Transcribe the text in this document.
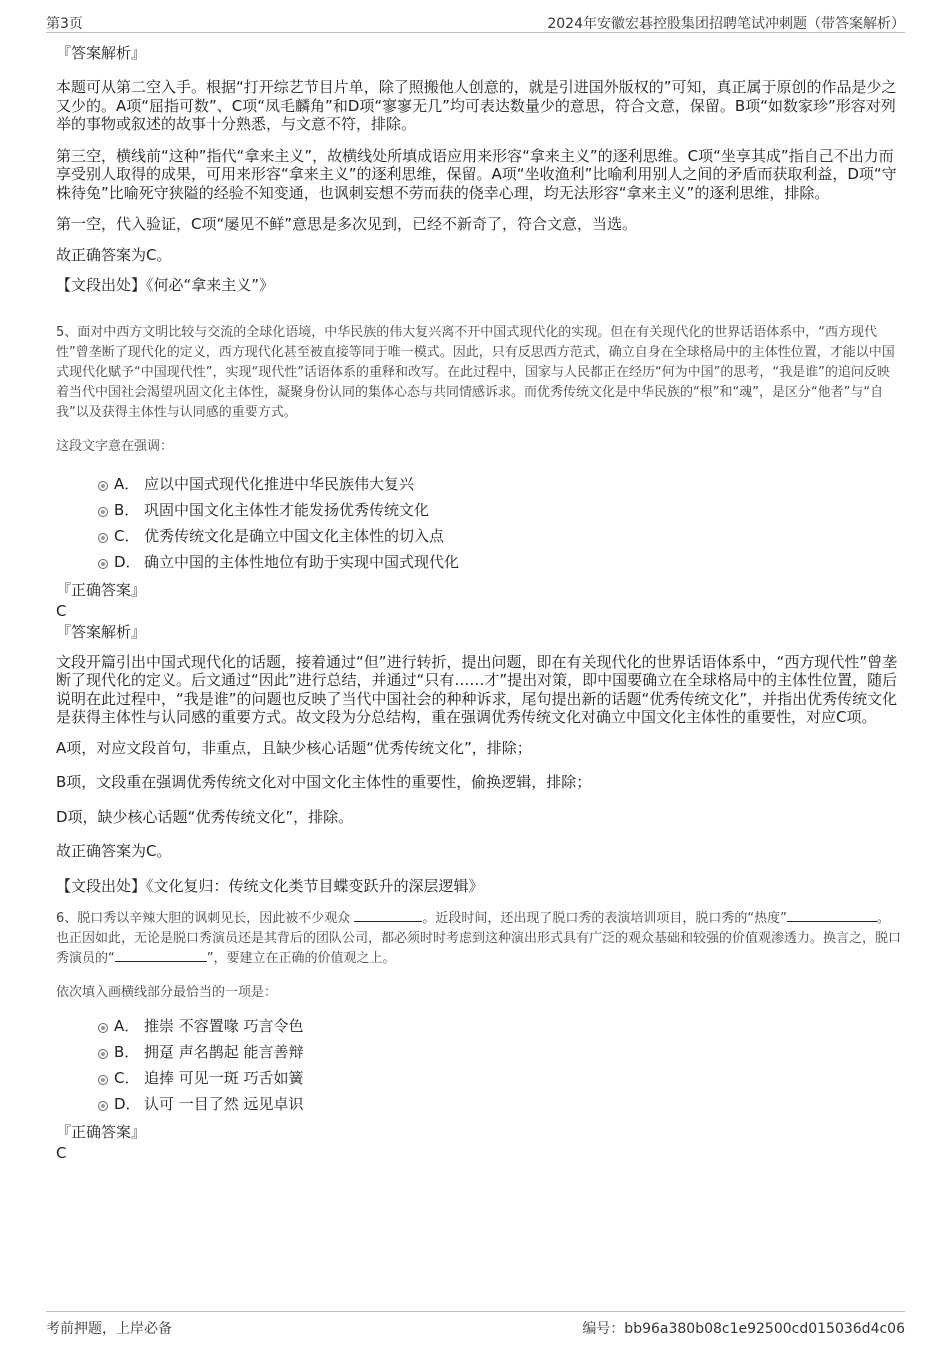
第3页	2024年安徽宏碁控股集团招聘笔试冲刺题（带答案解析）

『答案解析』

本题可从第二空入手。根据“打开综艺节目片单，除了照搬他人创意的，就是引进国外版权的”可知，真正属于原创的作品是少之又少的。A项“屈指可数”、C项“凤毛麟角”和D项“寥寥无几”均可表达数量少的意思，符合文意，保留。B项“如数家珍”形容对列举的事物或叙述的故事十分熟悉，与文意不符，排除。

第三空，横线前“这种”指代“拿来主义”，故横线处所填成语应用来形容“拿来主义”的逐利思维。C项“坐享其成”指自己不出力而享受别人取得的成果，可用来形容“拿来主义”的逐利思维，保留。A项“坐收渔利”比喻利用别人之间的矛盾而获取利益，D项“守株待兔”比喻死守狭隘的经验不知变通，也讽刺妄想不劳而获的侥幸心理，均无法形容“拿来主义”的逐利思维，排除。

第一空，代入验证，C项“屡见不鲜”意思是多次见到，已经不新奇了，符合文意，当选。

故正确答案为C。

【文段出处】《何必“拿来主义”》

5、面对中西方文明比较与交流的全球化语境，中华民族的伟大复兴离不开中国式现代化的实现。但在有关现代化的世界话语体系中，“西方现代性”曾垄断了现代化的定义，西方现代化甚至被直接等同于唯一模式。因此，只有反思西方范式，确立自身在全球格局中的主体性位置，才能以中国式现代化赋予“中国现代性”，实现“现代性”话语体系的重释和改写。在此过程中，国家与人民都正在经历“何为中国”的思考，“我是谁”的追问反映着当代中国社会渴望巩固文化主体性，凝聚身份认同的集体心态与共同情感诉求。而优秀传统文化是中华民族的“根”和“魂”，是区分“他者”与“自我”以及获得主体性与认同感的重要方式。

这段文字意在强调：

A． 应以中国式现代化推进中华民族伟大复兴
B． 巩固中国文化主体性才能发扬优秀传统文化
C． 优秀传统文化是确立中国文化主体性的切入点
D． 确立中国的主体性地位有助于实现中国式现代化

『正确答案』

C

『答案解析』

文段开篇引出中国式现代化的话题，接着通过“但”进行转折，提出问题，即在有关现代化的世界话语体系中，“西方现代性”曾垄断了现代化的定义。后文通过“因此”进行总结，并通过“只有……才”提出对策，即中国要确立在全球格局中的主体性位置，随后说明在此过程中，“我是谁”的问题也反映了当代中国社会的种种诉求，尾句提出新的话题“优秀传统文化”，并指出优秀传统文化是获得主体性与认同感的重要方式。故文段为分总结构，重在强调优秀传统文化对确立中国文化主体性的重要性，对应C项。

A项，对应文段首句，非重点，且缺少核心话题“优秀传统文化”，排除；

B项，文段重在强调优秀传统文化对中国文化主体性的重要性，偷换逻辑，排除；

D项，缺少核心话题“优秀传统文化”，排除。

故正确答案为C。

【文段出处】《文化复归：传统文化类节目蝶变跃升的深层逻辑》

6、脱口秀以辛辣大胆的讽刺见长，因此被不少观众	。近段时间，还出现了脱口秀的表演培训项目，脱口秀的“热度”	。也正因如此，无论是脱口秀演员还是其背后的团队公司，都必须时时考虑到这种演出形式具有广泛的观众基础和较强的价值观渗透力。换言之，脱口秀演员的“	”，要建立在正确的价值观之上。

依次填入画横线部分最恰当的一项是：

A． 推崇 不容置喙 巧言令色
B． 拥趸 声名鹊起 能言善辩
C． 追捧 可见一斑 巧舌如簧
D． 认可 一目了然 远见卓识

『正确答案』

C

考前押题，上岸必备	编号：bb96a380b08c1e92500cd015036d4c06
